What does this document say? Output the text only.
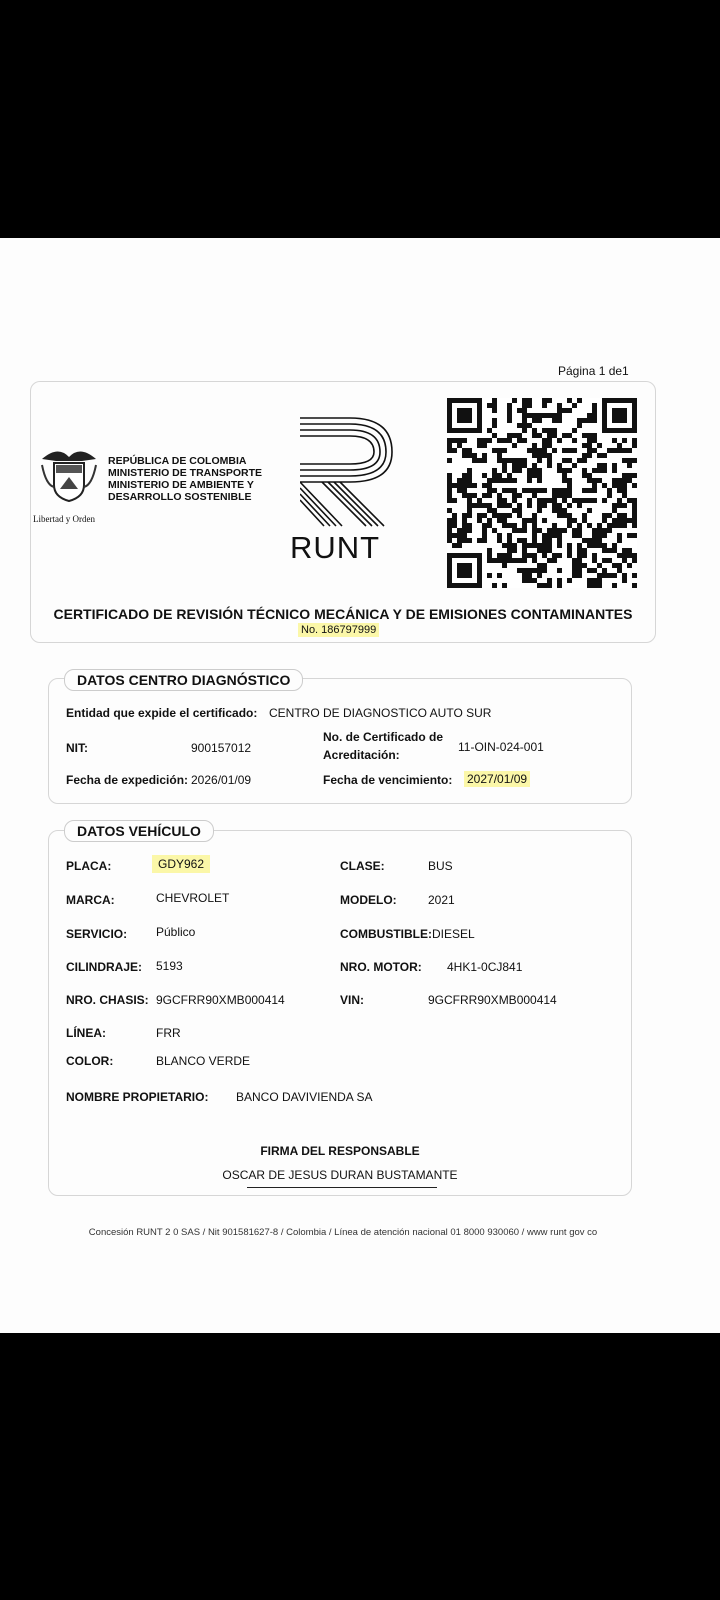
Página 1 de1
Libertad y Orden
REPÚBLICA DE COLOMBIA
MINISTERIO DE TRANSPORTE
MINISTERIO DE AMBIENTE Y
DESARROLLO SOSTENIBLE
RUNT
CERTIFICADO DE REVISIÓN TÉCNICO MECÁNICA Y DE EMISIONES CONTAMINANTES
No. 186797999
DATOS CENTRO DIAGNÓSTICO
Entidad que expide el certificado: CENTRO DE DIAGNOSTICO AUTO SUR
NIT:	900157012
No. de Certificado de
Acreditación:
11-OIN-024-001
Fecha de expedición: 2026/01/09	Fecha de vencimiento: 2027/01/09
DATOS VEHÍCULO
PLACA:	GDY962	CLASE:	BUS
MARCA:	CHEVROLET	MODELO:	2021
SERVICIO: Público	COMBUSTIBLE: DIESEL
CILINDRAJE: 5193	NRO. MOTOR: 4HK1-0CJ841
NRO. CHASIS: 9GCFRR90XMB000414	VIN:	9GCFRR90XMB000414
LÍNEA:	FRR
COLOR:	BLANCO VERDE
NOMBRE PROPIETARIO: BANCO DAVIVIENDA SA
FIRMA DEL RESPONSABLE
OSCAR DE JESUS DURAN BUSTAMANTE
Concesión RUNT 2 0 SAS / Nit 901581627-8 / Colombia / Línea de atención nacional 01 8000 930060 / www runt gov co
